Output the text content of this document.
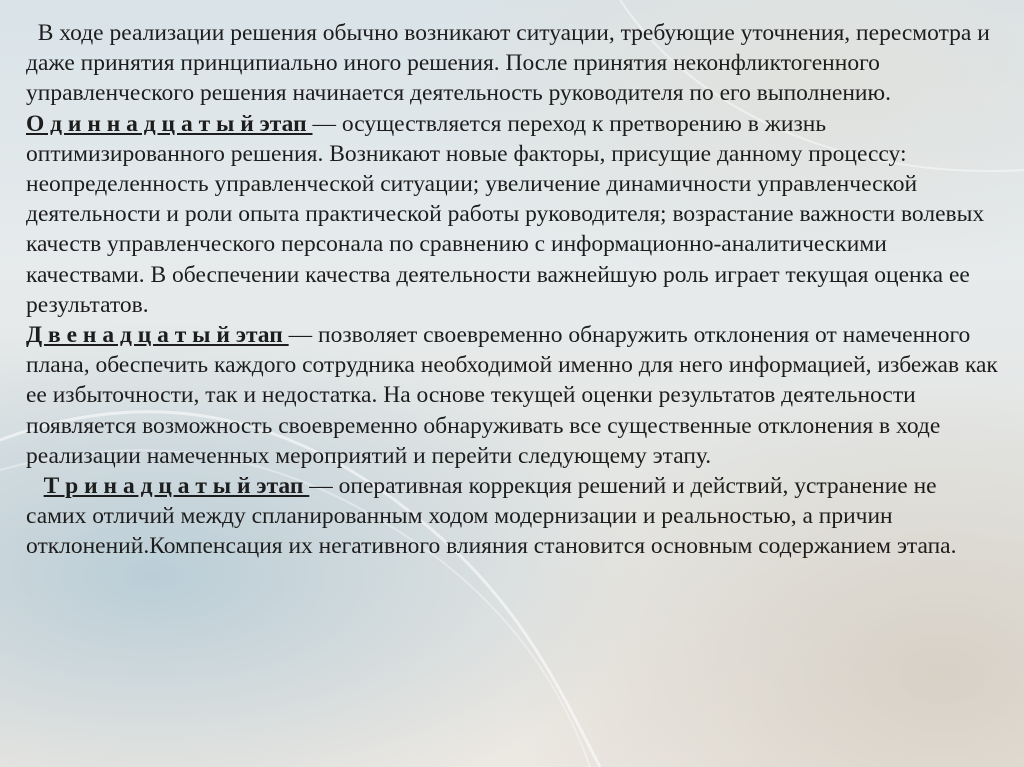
В ходе реализации решения обычно возникают ситуации, требующие уточнения, пересмотра и даже принятия принципиально иного решения. После принятия неконфликтогенного управленческого решения начинается деятельность руководителя по его выполнению.

О д и н н а д ц а т ы й этап — осуществляется переход к претворению в жизнь оптимизированного решения. Возникают новые факторы, присущие данному процессу: неопределенность управленческой ситуации; увеличение динамичности управленческой деятельности и роли опыта практической работы руководителя; возрастание важности волевых качеств управленческого персонала по сравнению с информационно-аналитическими качествами. В обеспечении качества деятельности важнейшую роль играет текущая оценка ее результатов.

Д в е н а д ц а т ы й этап — позволяет своевременно обнаружить отклонения от намеченного плана, обеспечить каждого сотрудника необходимой именно для него информацией, избежав как ее избыточности, так и недостатка. На основе текущей оценки результатов деятельности появляется возможность своевременно обнаруживать все существенные отклонения в ходе реализации намеченных мероприятий и перейти следующему этапу.

Т р и н а д ц а т ы й этап — оперативная коррекция решений и действий, устранение не самих отличий между спланированным ходом модернизации и реальностью, а причин отклонений.Компенсация их негативного влияния становится основным содержанием этапа.
